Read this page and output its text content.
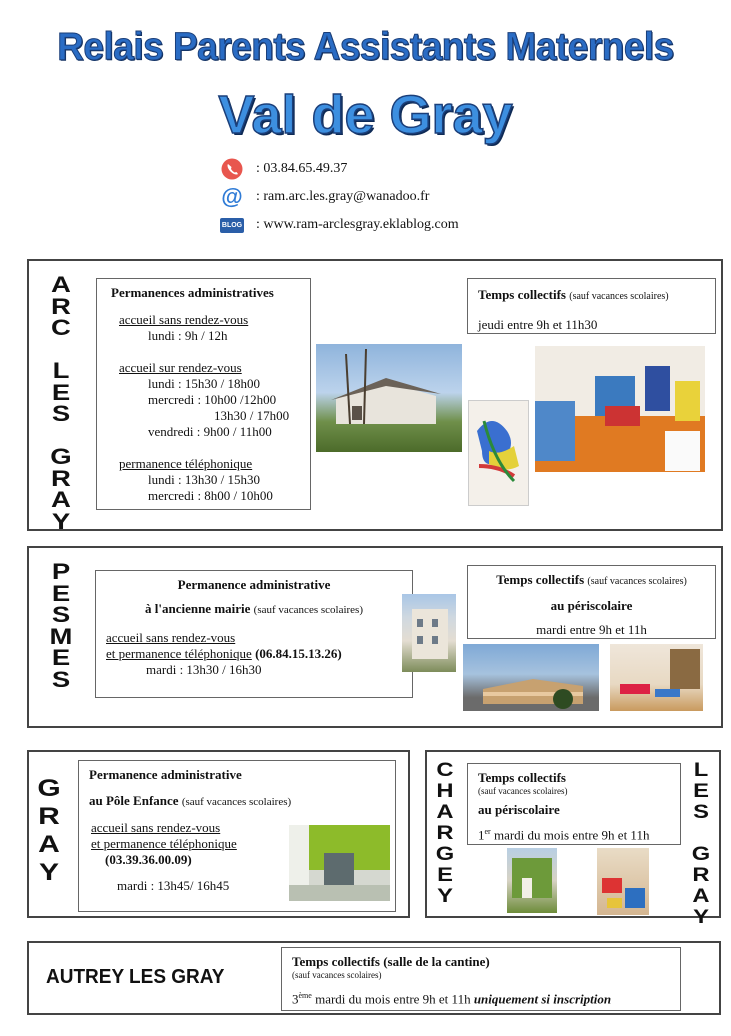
Relais Parents Assistants Maternels
Val de Gray
: 03.84.65.49.37
@ : ram.arc.les.gray@wanadoo.fr
BLOG : www.ram-arclesgray.eklablog.com
A
R
C

L
E
S

G
R
A
Y
Permanences administratives
accueil sans rendez-vous
lundi : 9h / 12h
accueil sur rendez-vous
lundi : 15h30 / 18h00
mercredi : 10h00 /12h00
13h30 / 17h00
vendredi : 9h00 / 11h00
permanence téléphonique
lundi : 13h30 / 15h30
mercredi : 8h00 / 10h00
Temps collectifs (sauf vacances scolaires)
jeudi entre 9h et 11h30
P
E
S
M
E
S
Permanence administrative
à l'ancienne mairie (sauf vacances scolaires)
accueil sans rendez-vous
et permanence téléphonique (06.84.15.13.26)
mardi : 13h30 / 16h30
Temps collectifs (sauf vacances scolaires)
au périscolaire
mardi entre 9h et 11h
G
R
A
Y
Permanence administrative
au Pôle Enfance (sauf vacances scolaires)
accueil sans rendez-vous
et permanence téléphonique
(03.39.36.00.09)
mardi : 13h45/ 16h45
C
H
A
R
G
E
Y
L
E
S

G
R
A
Y
Temps collectifs
(sauf vacances scolaires)
au périscolaire
1er mardi du mois entre 9h et 11h
AUTREY LES GRAY
Temps collectifs (salle de la cantine)
(sauf vacances scolaires)
3ème mardi du mois entre 9h et 11h uniquement si inscription
